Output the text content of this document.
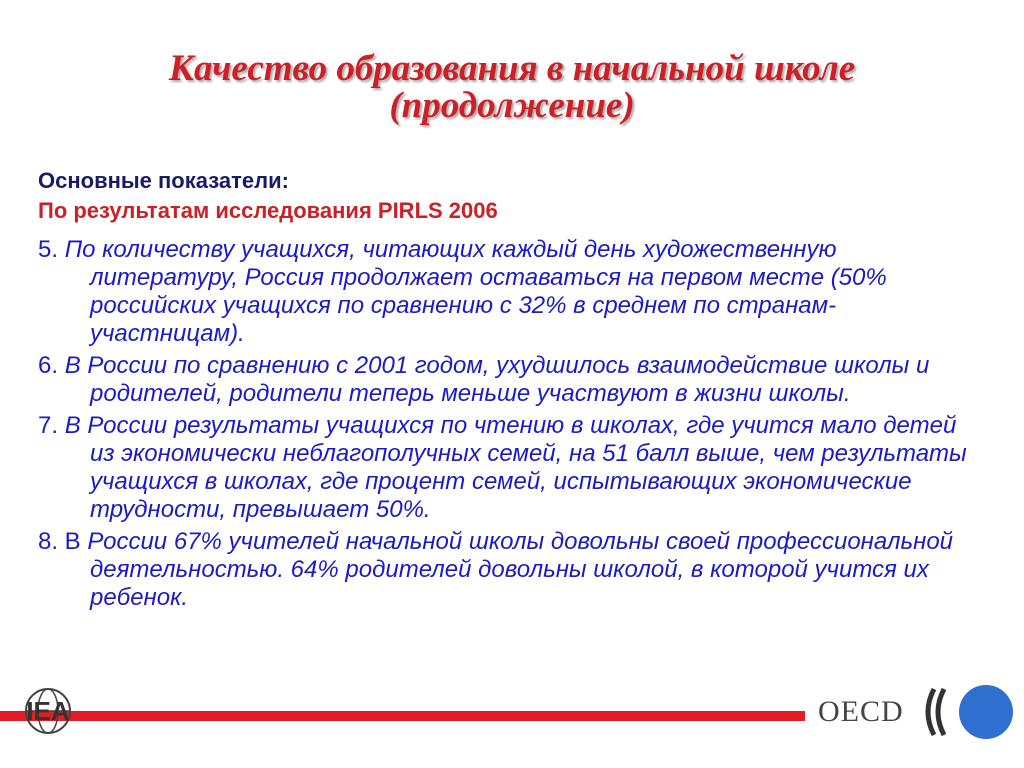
Качество образования в начальной школе
(продолжение)
Основные показатели:
По результатам исследования PIRLS 2006
5. По количеству учащихся, читающих каждый день художественную литературу, Россия продолжает оставаться на первом месте (50% российских учащихся по сравнению с 32% в среднем по странам-участницам).
6. В России по сравнению с 2001 годом, ухудшилось взаимодействие школы и родителей, родители теперь меньше участвуют в жизни школы.
7. В России результаты учащихся по чтению в школах, где учится мало детей из экономически неблагополучных семей, на 51 балл выше, чем результаты учащихся в школах, где процент семей, испытывающих экономические трудности, превышает 50%.
8. В России 67% учителей начальной школы довольны своей профессиональной деятельностью. 64% родителей довольны школой, в которой учится их ребенок.
IEA	OECD
